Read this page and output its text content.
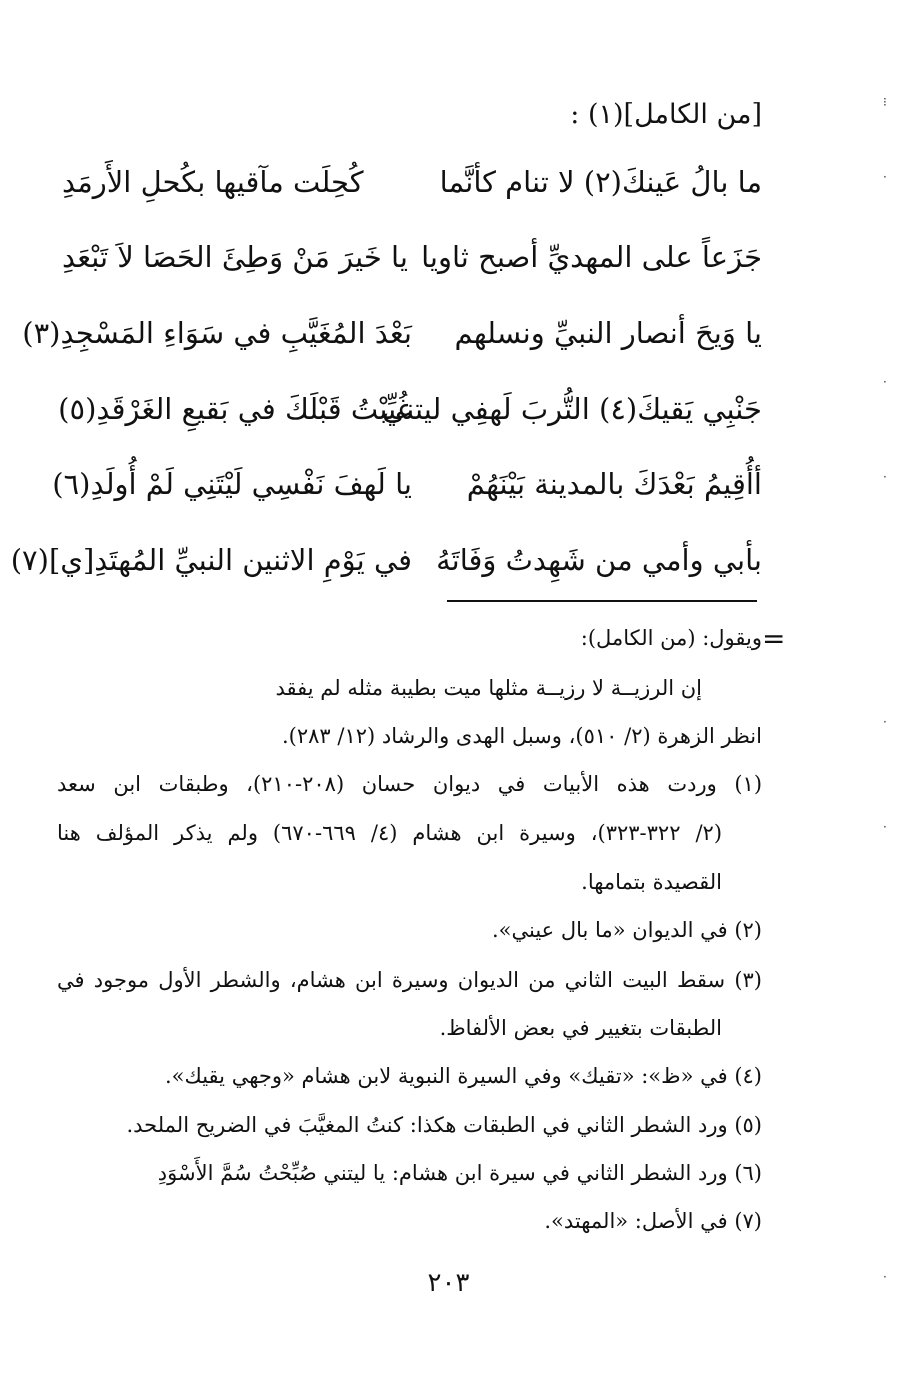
[من الكامل](١) :
ما بالُ عَينكَ(٢) لا تنام كأنَّما
كُحِلَت مآقيها بكُحلِ الأَرمَدِ
جَزَعاً على المهديِّ أصبح ثاويا
يا خَيرَ مَنْ وَطِئَ الحَصَا لاَ تَبْعَدِ
يا وَيحَ أنصار النبيِّ ونسلهم
بَعْدَ المُغَيَّبِ في سَوَاءِ المَسْجِدِ(٣)
جَنْبِي يَقيكَ(٤) التُّربَ لَهفِي ليتني
غُيِّبْتُ قَبْلَكَ في بَقيعِ الغَرْقَدِ(٥)
أأُقِيمُ بَعْدَكَ بالمدينة بَيْنَهُمْ
يا لَهفَ نَفْسِي لَيْتَنِي لَمْ أُولَدِ(٦)
بأبي وأمي من شَهِدتُ وَفَاتَهُ
في يَوْمِ الاثنين النبيِّ المُهتَدِ[ي](٧)
=
ويقول: (من الكامل):
إن الرزيــة لا رزيــة مثلها ميت بطيبة مثله لم يفقد
انظر الزهرة (٢/ ٥١٠)، وسبل الهدى والرشاد (١٢/ ٢٨٣).
(١) وردت هذه الأبيات في ديوان حسان (٢٠٨-٢١٠)، وطبقات ابن سعد
(٢/ ٣٢٢-٣٢٣)، وسيرة ابن هشام (٤/ ٦٦٩-٦٧٠) ولم يذكر المؤلف هنا
القصيدة بتمامها.
(٢) في الديوان «ما بال عيني».
(٣) سقط البيت الثاني من الديوان وسيرة ابن هشام، والشطر الأول موجود في
الطبقات بتغيير في بعض الألفاظ.
(٤) في «ظ»: «تقيك» وفي السيرة النبوية لابن هشام «وجهي يقيك».
(٥) ورد الشطر الثاني في الطبقات هكذا: كنتُ المغيَّبَ في الضريح الملحد.
(٦) ورد الشطر الثاني في سيرة ابن هشام: يا ليتني صُبِّحْتُ سُمَّ الأَسْوَدِ
(٧) في الأصل: «المهتد».
٢٠٣
⁝
·
·
·
·
·
·
